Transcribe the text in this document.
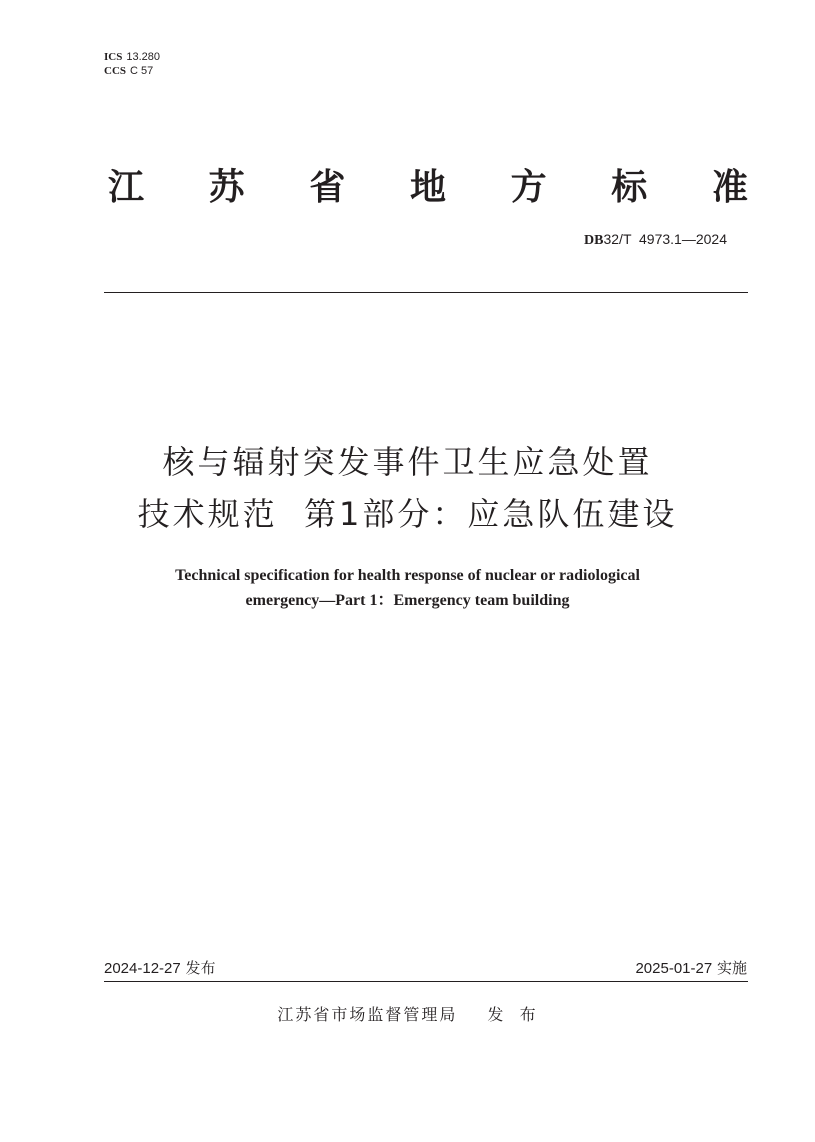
ICS 13.280
CCS C 57
江 苏 省 地 方 标 准
DB32/T  4973.1—2024
核与辐射突发事件卫生应急处置
技术规范  第1部分：应急队伍建设
Technical specification for health response of nuclear or radiological
emergency—Part 1：Emergency team building
2024-12-27 发布	2025-01-27 实施
江苏省市场监督管理局 发  布
